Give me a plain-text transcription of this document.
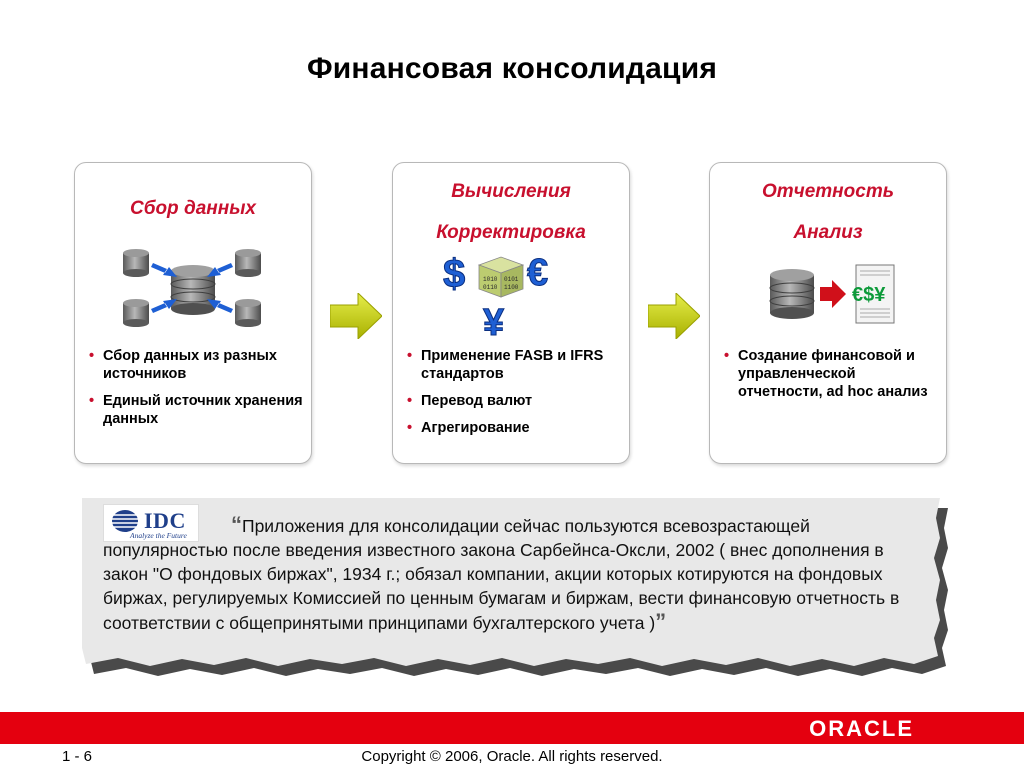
Финансовая консолидация
Сбор данных
• Сбор данных из разных источников
• Единый источник хранения данных
Вычисления
Корректировка
$	1010
0110
0101
1100 €
¥
• Применение FASB и IFRS стандартов
• Перевод валют
• Агрегирование
Отчетность
Анализ
€$¥
• Создание финансовой и управленческой отчетности, ad hoc анализ
IDC
Analyze the Future	“Приложения для консолидации сейчас пользуются всевозрастающей популярностью после введения известного закона Сарбейнса-Оксли, 2002 ( внес дополнения в закон "О фондовых биржах", 1934 г.; обязал компании, акции которых котируются на фондовых биржах, регулируемых Комиссией по ценным бумагам и биржам, вести финансовую отчетность в соответствии с общепринятыми принципами бухгалтерского учета )”
ORACLE
1 - 6	Copyright © 2006, Oracle. All rights reserved.
